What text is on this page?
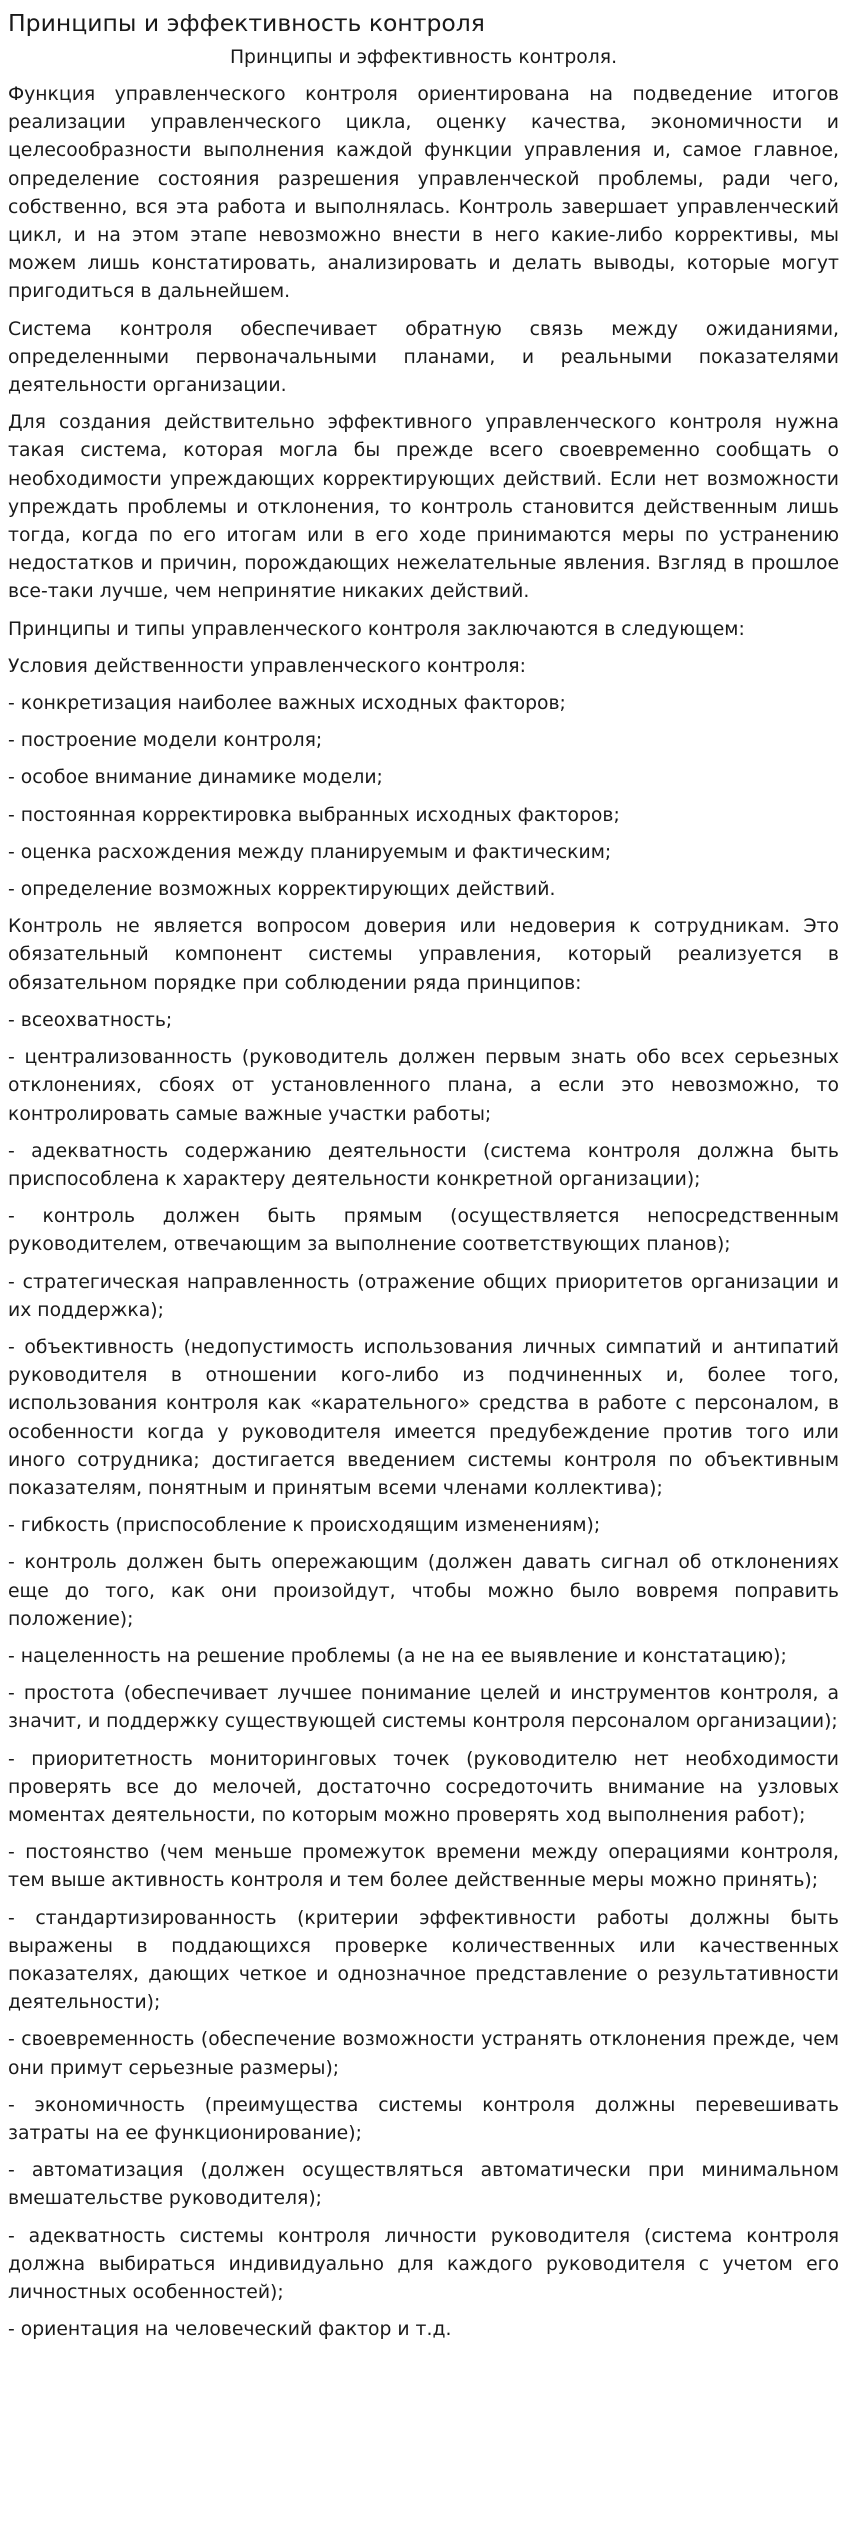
Принципы и эффективность контроля
Принципы и эффективность контроля.

Функция управленческого контроля ориентирована на подведение итогов реализации управленческого цикла, оценку качества, экономичности и целесообразности выполнения каждой функции управления и, самое главное, определение состояния разрешения управленческой проблемы, ради чего, собственно, вся эта работа и выполнялась. Контроль завершает управленческий цикл, и на этом этапе невозможно внести в него какие-либо коррективы, мы можем лишь констатировать, анализировать и делать выводы, которые могут пригодиться в дальнейшем.

Система контроля обеспечивает обратную связь между ожиданиями, определенными первоначальными планами, и реальными показателями деятельности организации.

Для создания действительно эффективного управленческого контроля нужна такая система, которая могла бы прежде всего своевременно сообщать о необходимости упреждающих корректирующих действий. Если нет возможности упреждать проблемы и отклонения, то контроль становится действенным лишь тогда, когда по его итогам или в его ходе принимаются меры по устранению недостатков и причин, порождающих нежелательные явления. Взгляд в прошлое все-таки лучше, чем непринятие никаких действий.

Принципы и типы управленческого контроля заключаются в следующем:

Условия действенности управленческого контроля:

- конкретизация наиболее важных исходных факторов;

- построение модели контроля;

- особое внимание динамике модели;

- постоянная корректировка выбранных исходных факторов;

- оценка расхождения между планируемым и фактическим;

- определение возможных корректирующих действий.

Контроль не является вопросом доверия или недоверия к сотрудникам. Это обязательный компонент системы управления, который реализуется в обязательном порядке при соблюдении ряда принципов:

- всеохватность;

- централизованность (руководитель должен первым знать обо всех серьезных отклонениях, сбоях от установленного плана, а если это невозможно, то контролировать самые важные участки работы;

- адекватность содержанию деятельности (система контроля должна быть приспособлена к характеру деятельности конкретной организации);

- контроль должен быть прямым (осуществляется непосредственным руководителем, отвечающим за выполнение соответствующих планов);

- стратегическая направленность (отражение общих приоритетов организации и их поддержка);

- объективность (недопустимость использования личных симпатий и антипатий руководителя в отношении кого-либо из подчиненных и, более того, использования контроля как «карательного» средства в работе с персоналом, в особенности когда у руководителя имеется предубеждение против того или иного сотрудника; достигается введением системы контроля по объективным показателям, понятным и принятым всеми членами коллектива);

- гибкость (приспособление к происходящим изменениям);

- контроль должен быть опережающим (должен давать сигнал об отклонениях еще до того, как они произойдут, чтобы можно было вовремя поправить положение);

- нацеленность на решение проблемы (а не на ее выявление и констатацию);

- простота (обеспечивает лучшее понимание целей и инструментов контроля, а значит, и поддержку существующей системы контроля персоналом организации);

- приоритетность мониторинговых точек (руководителю нет необходимости проверять все до мелочей, достаточно сосредоточить внимание на узловых моментах деятельности, по которым можно проверять ход выполнения работ);

- постоянство (чем меньше промежуток времени между операциями контроля, тем выше активность контроля и тем более действенные меры можно принять);

- стандартизированность (критерии эффективности работы должны быть выражены в поддающихся проверке количественных или качественных показателях, дающих четкое и однозначное представление о результативности деятельности);

- своевременность (обеспечение возможности устранять отклонения прежде, чем они примут серьезные размеры);

- экономичность (преимущества системы контроля должны перевешивать затраты на ее функционирование);

- автоматизация (должен осуществляться автоматически при минимальном вмешательстве руководителя);

- адекватность системы контроля личности руководителя (система контроля должна выбираться индивидуально для каждого руководителя с учетом его личностных особенностей);

- ориентация на человеческий фактор и т.д.
